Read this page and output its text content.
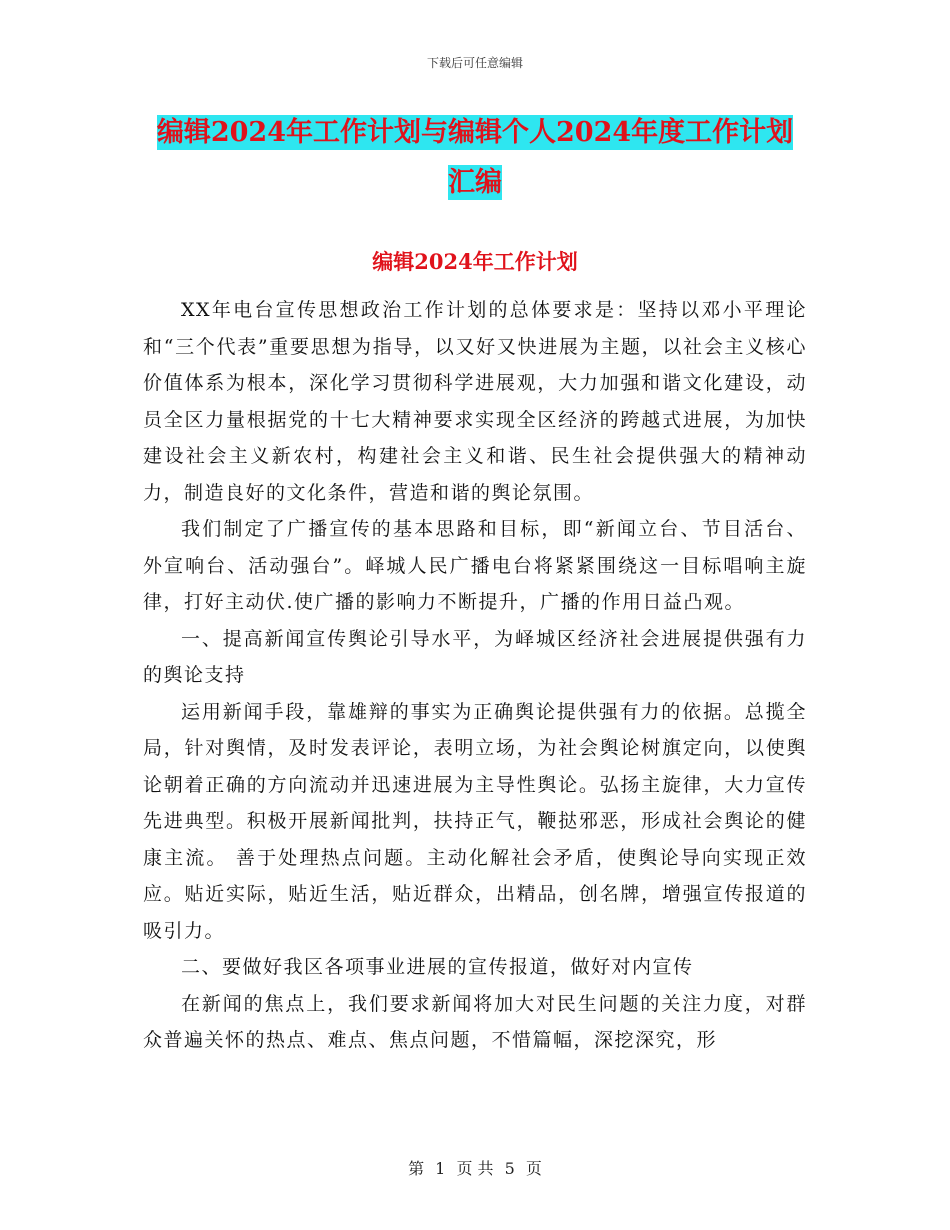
下载后可任意编辑
编辑2024年工作计划与编辑个人2024年度工作计划
汇编
编辑2024年工作计划

XX年电台宣传思想政治工作计划的总体要求是：坚持以邓小平理论和“三个代表”重要思想为指导，以又好又快进展为主题，以社会主义核心价值体系为根本，深化学习贯彻科学进展观，大力加强和谐文化建设，动员全区力量根据党的十七大精神要求实现全区经济的跨越式进展，为加快建设社会主义新农村，构建社会主义和谐、民生社会提供强大的精神动力，制造良好的文化条件，营造和谐的舆论氛围。

我们制定了广播宣传的基本思路和目标，即“新闻立台、节目活台、外宣响台、活动强台”。峄城人民广播电台将紧紧围绕这一目标唱响主旋律，打好主动伏.使广播的影响力不断提升，广播的作用日益凸观。

一、提高新闻宣传舆论引导水平，为峄城区经济社会进展提供强有力的舆论支持

运用新闻手段，靠雄辩的事实为正确舆论提供强有力的依据。总揽全局，针对舆情，及时发表评论，表明立场，为社会舆论树旗定向，以使舆论朝着正确的方向流动并迅速进展为主导性舆论。弘扬主旋律，大力宣传先进典型。积极开展新闻批判，扶持正气，鞭挞邪恶，形成社会舆论的健康主流。 善于处理热点问题。主动化解社会矛盾，使舆论导向实现正效应。贴近实际，贴近生活，贴近群众，出精品，创名牌，增强宣传报道的吸引力。

二、要做好我区各项事业进展的宣传报道，做好对内宣传

在新闻的焦点上，我们要求新闻将加大对民生问题的关注力度，对群众普遍关怀的热点、难点、焦点问题，不惜篇幅，深挖深究，形

第 1 页 共 5 页
